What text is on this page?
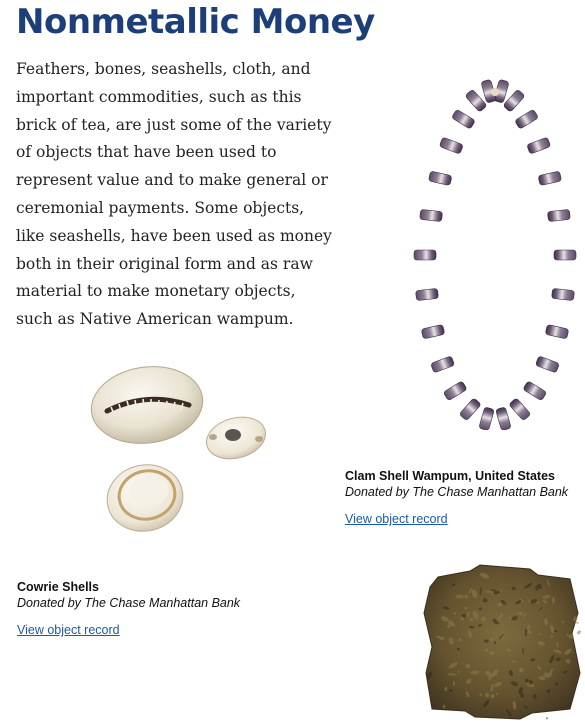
Nonmetallic Money
Feathers, bones, seashells, cloth, and
important commodities, such as this
brick of tea, are just some of the variety
of objects that have been used to
represent value and to make general or
ceremonial payments. Some objects,
like seashells, have been used as money
both in their original form and as raw
material to make monetary objects,
such as Native American wampum.
Clam Shell Wampum, United States
Donated by The Chase Manhattan Bank
View object record
Cowrie Shells
Donated by The Chase Manhattan Bank
View object record
